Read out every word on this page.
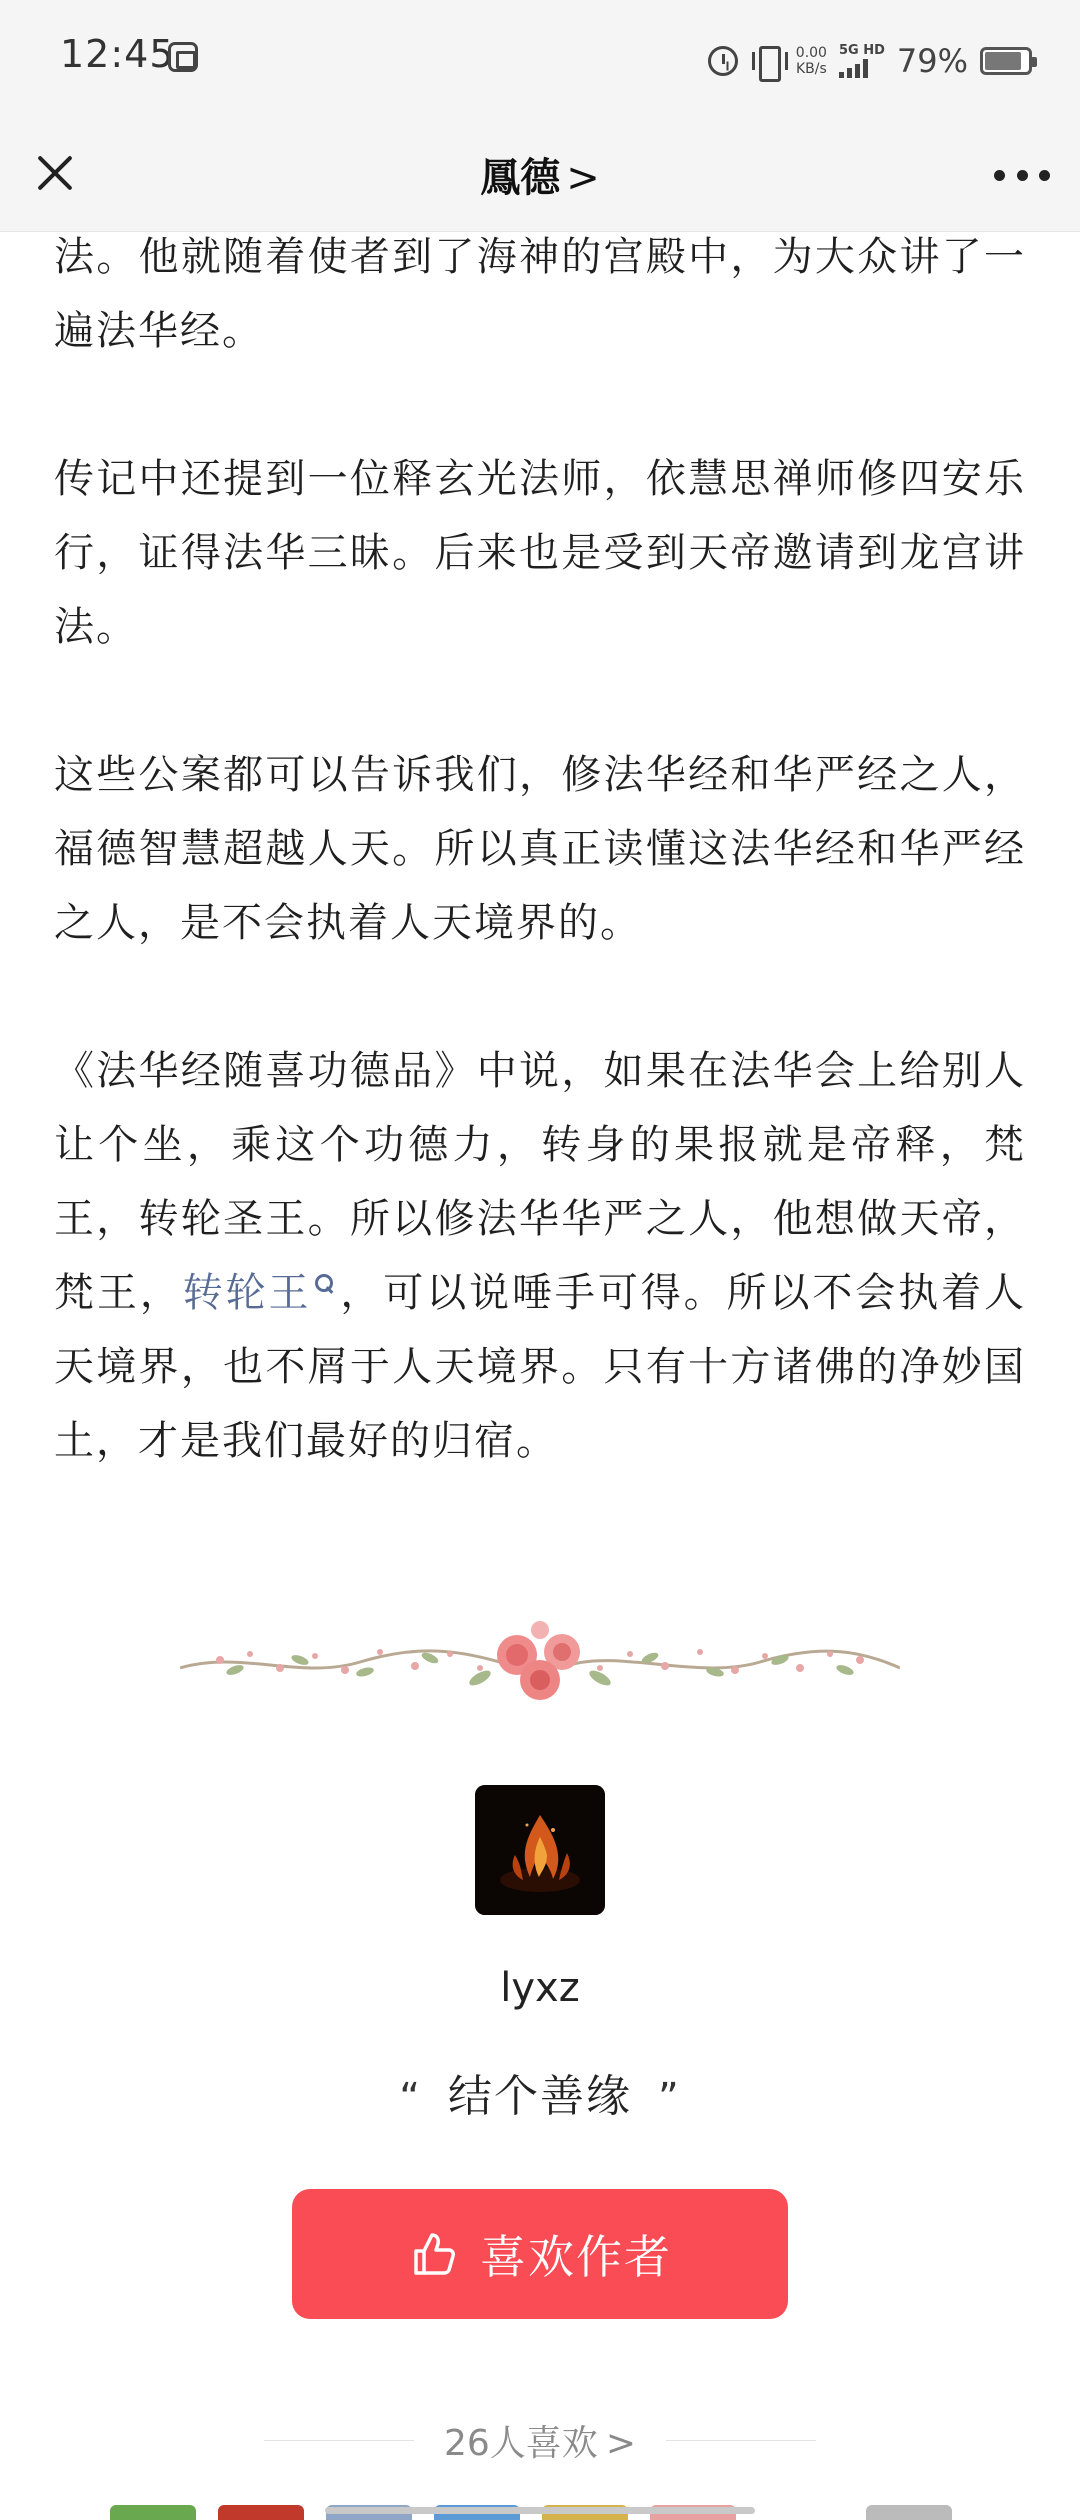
12:45	0.00
KB/s
5G HD 79%
鳳德 >

法。他就随着使者到了海神的宫殿中，为大众讲了一遍法华经。

传记中还提到一位释玄光法师，依慧思禅师修四安乐行，证得法华三昧。后来也是受到天帝邀请到龙宫讲法。

这些公案都可以告诉我们，修法华经和华严经之人，福德智慧超越人天。所以真正读懂这法华经和华严经之人，是不会执着人天境界的。

《法华经随喜功德品》中说，如果在法华会上给别人让个坐，乘这个功德力，转身的果报就是帝释，梵王，转轮圣王。所以修法华华严之人，他想做天帝，梵王，转轮王 ，可以说唾手可得。所以不会执着人天境界，也不屑于人天境界。只有十方诸佛的净妙国土，才是我们最好的归宿。

lyxz
“ 结个善缘 ”
喜欢作者
26人喜欢 >
